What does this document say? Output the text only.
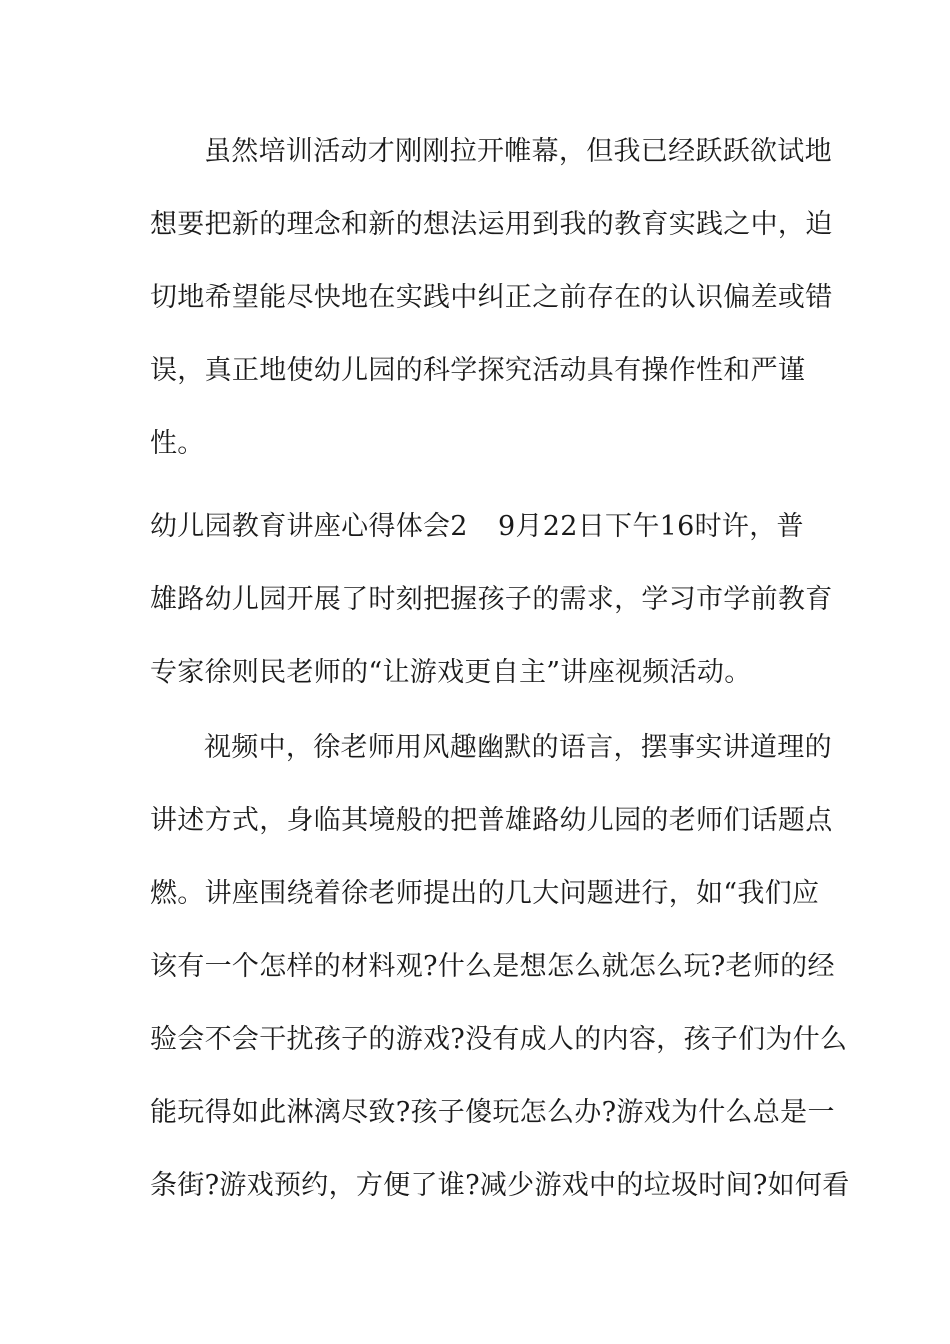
虽然培训活动才刚刚拉开帷幕，但我已经跃跃欲试地
想要把新的理念和新的想法运用到我的教育实践之中，迫
切地希望能尽快地在实践中纠正之前存在的认识偏差或错
误，真正地使幼儿园的科学探究活动具有操作性和严谨
性。
幼儿园教育讲座心得体会2 9月22日下午16时许，普
雄路幼儿园开展了时刻把握孩子的需求，学习市学前教育
专家徐则民老师的“让游戏更自主”讲座视频活动。
视频中，徐老师用风趣幽默的语言，摆事实讲道理的
讲述方式，身临其境般的把普雄路幼儿园的老师们话题点
燃。讲座围绕着徐老师提出的几大问题进行，如“我们应
该有一个怎样的材料观?什么是想怎么就怎么玩?老师的经
验会不会干扰孩子的游戏?没有成人的内容，孩子们为什么
能玩得如此淋漓尽致?孩子傻玩怎么办?游戏为什么总是一
条街?游戏预约，方便了谁?减少游戏中的垃圾时间?如何看
